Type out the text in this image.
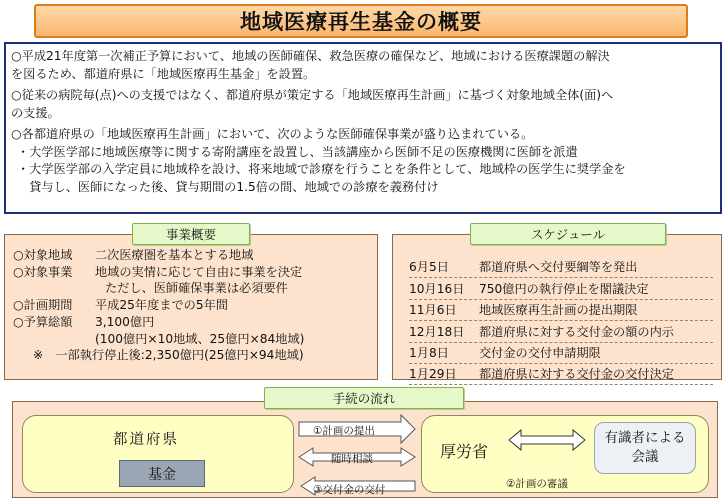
地域医療再生基金の概要
○平成21年度第一次補正予算において、地域の医師確保、救急医療の確保など、地域における医療課題の解決
を図るため、都道府県に「地域医療再生基金」を設置。
○従来の病院毎(点)への支援ではなく、都道府県が策定する「地域医療再生計画」に基づく対象地域全体(面)へ
の支援。
○各都道府県の「地域医療再生計画」において、次のような医師確保事業が盛り込まれている。
・大学医学部に地域医療等に関する寄附講座を設置し、当該講座から医師不足の医療機関に医師を派遣
・大学医学部の入学定員に地域枠を設け、将来地域で診療を行うことを条件として、地域枠の医学生に奨学金を
　貸与し、医師になった後、貸与期間の1.5倍の間、地域での診療を義務付け
○対象地域	二次医療圏を基本とする地域
○対象事業	地域の実情に応じて自由に事業を決定
ただし、医師確保事業は必須要件
○計画期間	平成25年度までの5年間
○予算総額	3,100億円
(100億円×10地域、25億円×84地域)
※　一部執行停止後:2,350億円(25億円×94地域)
6月5日	都道府県へ交付要綱等を発出
10月16日	750億円の執行停止を閣議決定
11月6日	地域医療再生計画の提出期限
12月18日	都道府県に対する交付金の額の内示
1月8日	交付金の交付申請期限
1月29日	都道府県に対する交付金の交付決定
事業概要	スケジュール
都道府県
基金
厚労省
有識者による
会議
②計画の審議
①計画の提出
随時相談
③交付金の交付
手続の流れ
